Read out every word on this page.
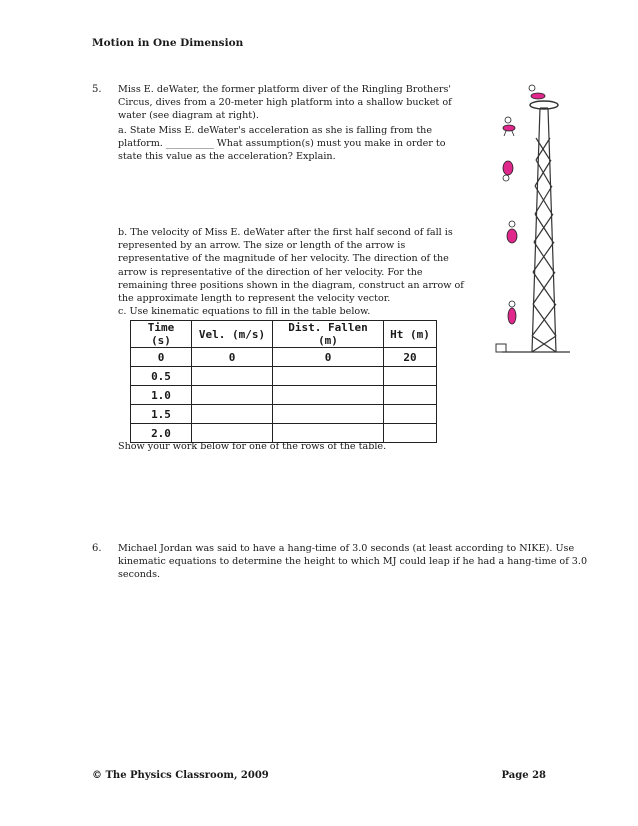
Motion in One Dimension
5. Miss E. deWater, the former platform diver of the Ringling Brothers'
Circus, dives from a 20-meter high platform into a shallow bucket of
water (see diagram at right).
a. State Miss E. deWater's acceleration as she is falling from the
platform. __________ What assumption(s) must you make in order to
state this value as the acceleration? Explain.
b. The velocity of Miss E. deWater after the first half second of fall is
represented by an arrow. The size or length of the arrow is
representative of the magnitude of her velocity. The direction of the
arrow is representative of the direction of her velocity. For the
remaining three positions shown in the diagram, construct an arrow of
the approximate length to represent the velocity vector.
c. Use kinematic equations to fill in the table below.
Time (s)	Vel. (m/s)	Dist. Fallen (m)	Ht (m)
0	0	0	20
0.5			
1.0			
1.5			
2.0			
Show your work below for one of the rows of the table.
6. Michael Jordan was said to have a hang-time of 3.0 seconds (at least according to NIKE). Use
kinematic equations to determine the height to which MJ could leap if he had a hang-time of 3.0
seconds.
© The Physics Classroom, 2009	Page 28
